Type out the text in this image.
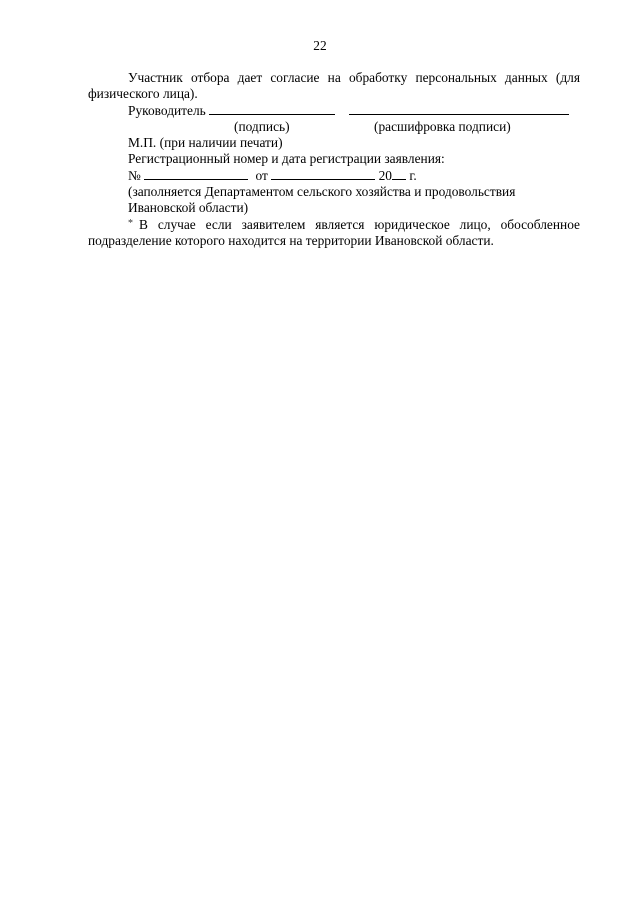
22

Участник отбора дает согласие на обработку персональных данных (для физического лица).

Руководитель

(подпись)	(расшифровка подписи)

М.П. (при наличии печати)

Регистрационный номер и дата регистрации заявления:

№	от	20 г.

(заполняется Департаментом сельского хозяйства и продовольствия Ивановской области)

* В случае если заявителем является юридическое лицо, обособленное подразделение которого находится на территории Ивановской области.
